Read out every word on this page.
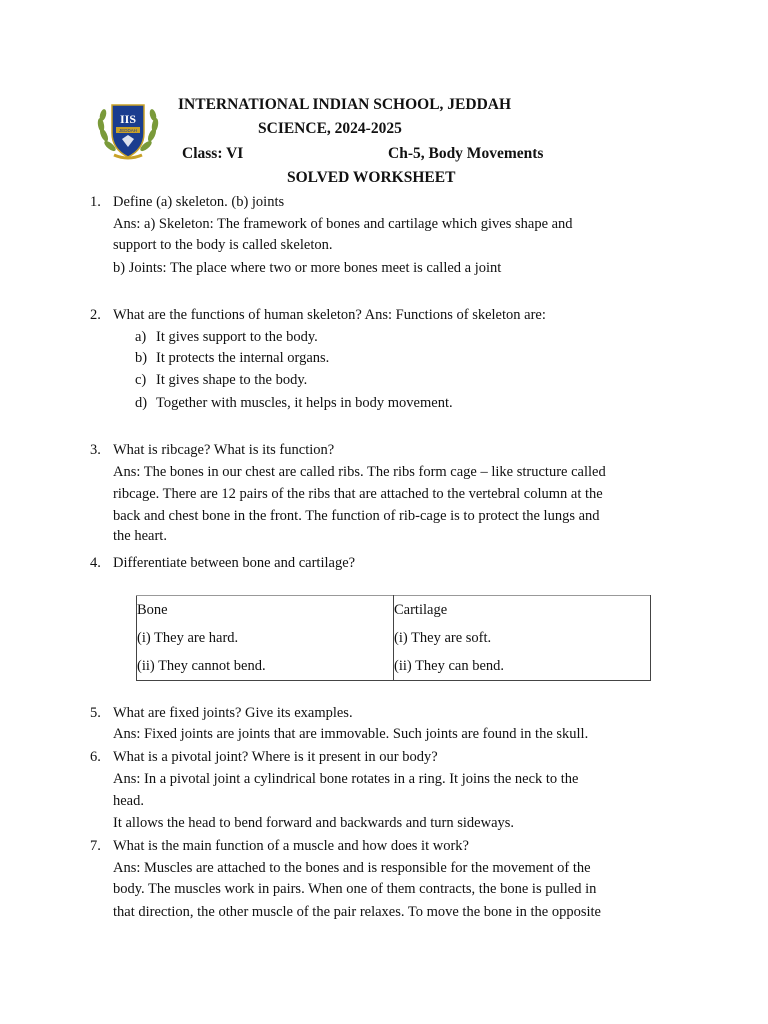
IIS
JEDDAH
INTERNATIONAL INDIAN SCHOOL, JEDDAH
SCIENCE, 2024-2025
Class: VI	Ch-5, Body Movements
SOLVED WORKSHEET
1. Define (a) skeleton. (b) joints
Ans: a) Skeleton: The framework of bones and cartilage which gives shape and
support to the body is called skeleton.
b) Joints: The place where two or more bones meet is called a joint
2. What are the functions of human skeleton? Ans: Functions of skeleton are:
a) It gives support to the body.
b) It protects the internal organs.
c) It gives shape to the body.
d) Together with muscles, it helps in body movement.
3. What is ribcage? What is its function?
Ans: The bones in our chest are called ribs. The ribs form cage – like structure called
ribcage. There are 12 pairs of the ribs that are attached to the vertebral column at the
back and chest bone in the front. The function of rib-cage is to protect the lungs and
the heart.
4. Differentiate between bone and cartilage?
Bone	Cartilage
(i) They are hard.	(i) They are soft.
(ii) They cannot bend.	(ii) They can bend.
5. What are fixed joints? Give its examples.
Ans: Fixed joints are joints that are immovable. Such joints are found in the skull.
6. What is a pivotal joint? Where is it present in our body?
Ans: In a pivotal joint a cylindrical bone rotates in a ring. It joins the neck to the
head.
It allows the head to bend forward and backwards and turn sideways.
7. What is the main function of a muscle and how does it work?
Ans: Muscles are attached to the bones and is responsible for the movement of the
body. The muscles work in pairs. When one of them contracts, the bone is pulled in
that direction, the other muscle of the pair relaxes. To move the bone in the opposite
